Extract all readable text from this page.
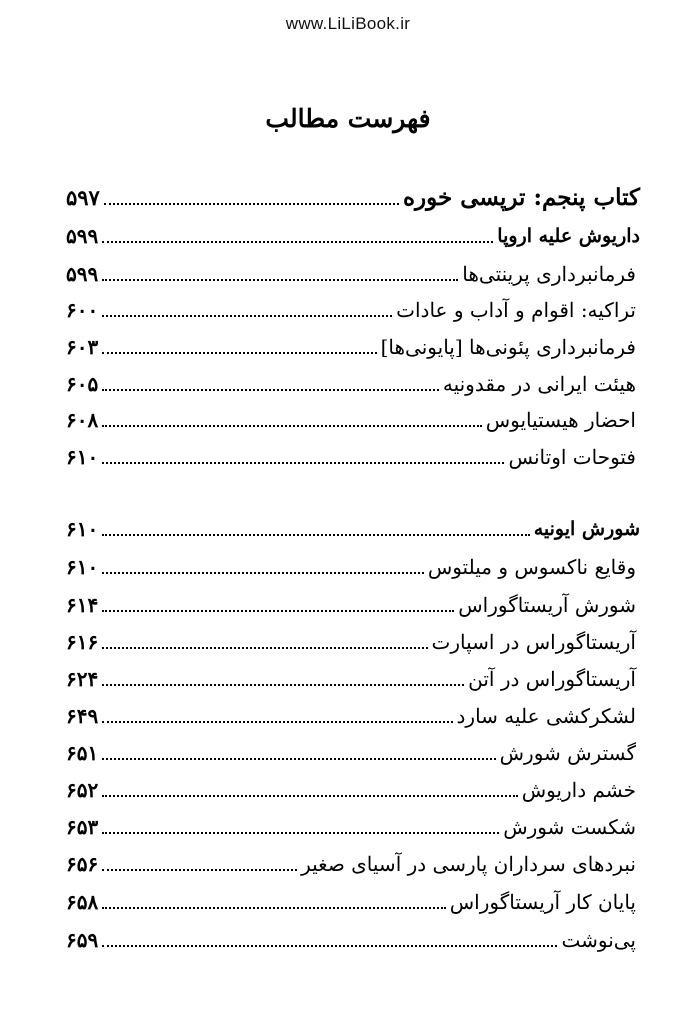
www.LiLiBook.ir
فهرست مطالب
۵۹۷	کتاب پنجم: ترپسی خوره
۵۹۹	داریوش علیه اروپا
۵۹۹	فرمانبرداری پرینتی‌ها
۶۰۰	تراکیه: اقوام و آداب و عادات
۶۰۳	فرمانبرداری پئونی‌ها [پایونی‌ها]
۶۰۵	هیئت ایرانی در مقدونیه
۶۰۸	احضار هیستیایوس
۶۱۰	فتوحات اوتانس
۶۱۰	شورش ایونیه
۶۱۰	وقایع ناکسوس و میلتوس
۶۱۴	شورش آریستاگوراس
۶۱۶	آریستاگوراس در اسپارت
۶۲۴	آریستاگوراس در آتن
۶۴۹	لشکرکشی علیه سارد
۶۵۱	گسترش شورش
۶۵۲	خشم داریوش
۶۵۳	شکست شورش
۶۵۶	نبردهای سرداران پارسی در آسیای صغیر
۶۵۸	پایان کار آریستاگوراس
۶۵۹	پی‌نوشت
